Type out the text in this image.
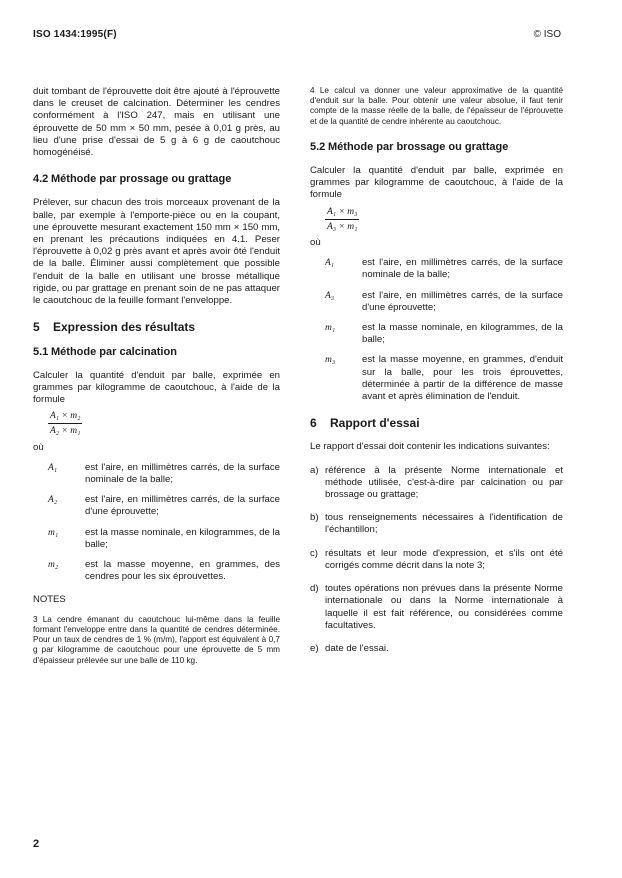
ISO 1434:1995(F)	© ISO

duit tombant de l'éprouvette doit être ajouté à l'éprouvette dans le creuset de calcination. Déterminer les cendres conformément à l'ISO 247, mais en utilisant une éprouvette de 50 mm × 50 mm, pesée à 0,01 g près, au lieu d'une prise d'essai de 5 g à 6 g de caoutchouc homogénéisé.

4.2 Méthode par prossage ou grattage

Prélever, sur chacun des trois morceaux provenant de la balle, par exemple à l'emporte-pièce ou en la coupant, une éprouvette mesurant exactement 150 mm × 150 mm, en prenant les précautions indiquées en 4.1. Peser l'éprouvette à 0,02 g près avant et après avoir ôté l'enduit de la balle. Éliminer aussi complètement que possible l'enduit de la balle en utilisant une brosse métallique rigide, ou par grattage en prenant soin de ne pas attaquer le caoutchouc de la feuille formant l'enveloppe.

5 Expression des résultats
5.1 Méthode par calcination

Calculer la quantité d'enduit par balle, exprimée en grammes par kilogramme de caoutchouc, à l'aide de la formule

$\frac{\text{A₁ × m₂}}{\text{A₂ × m₁}}$

où

A₁	est l'aire, en millimètres carrés, de la surface nominale de la balle;
A₂	est l'aire, en millimètres carrés, de la surface d'une éprouvette;
m₁	est la masse nominale, en kilogrammes, de la balle;
m₂	est la masse moyenne, en grammes, des cendres pour les six éprouvettes.
NOTES

3 La cendre émanant du caoutchouc lui-même dans la feuille formant l'enveloppe entre dans la quantité de cendres déterminée. Pour un taux de cendres de 1 % (m/m), l'apport est équivalent à 0,7 g par kilogramme de caoutchouc pour une éprouvette de 5 mm d'épaisseur prélevée sur une balle de 110 kg.

4 Le calcul va donner une valeur approximative de la quantité d'enduit sur la balle. Pour obtenir une valeur absolue, il faut tenir compte de la masse réelle de la balle, de l'épaisseur de l'éprouvette et de la quantité de cendre inhérente au caoutchouc.

5.2 Méthode par brossage ou grattage

Calculer la quantité d'enduit par balle, exprimée en grammes par kilogramme de caoutchouc, à l'aide de la formule

$\frac{\text{A₁ × m₃}}{\text{A₃ × m₁}}$

où

A₁	est l'aire, en millimètres carrés, de la surface nominale de la balle;
A₃	est l'aire, en millimètres carrés, de la surface d'une éprouvette;
m₁	est la masse nominale, en kilogrammes, de la balle;
m₃	est la masse moyenne, en grammes, d'enduit sur la balle, pour les trois éprouvettes, déterminée à partir de la différence de masse avant et après élimination de l'enduit.
6 Rapport d'essai

Le rapport d'essai doit contenir les indications suivantes:

a) référence à la présente Norme internationale et méthode utilisée, c'est-à-dire par calcination ou par brossage ou grattage;
b) tous renseignements nécessaires à l'identification de l'échantillon;
c) résultats et leur mode d'expression, et s'ils ont été corrigés comme décrit dans la note 3;
d) toutes opérations non prévues dans la présente Norme internationale ou dans la Norme internationale à laquelle il est fait référence, ou considérées comme facultatives.
e) date de l'essai.
2
